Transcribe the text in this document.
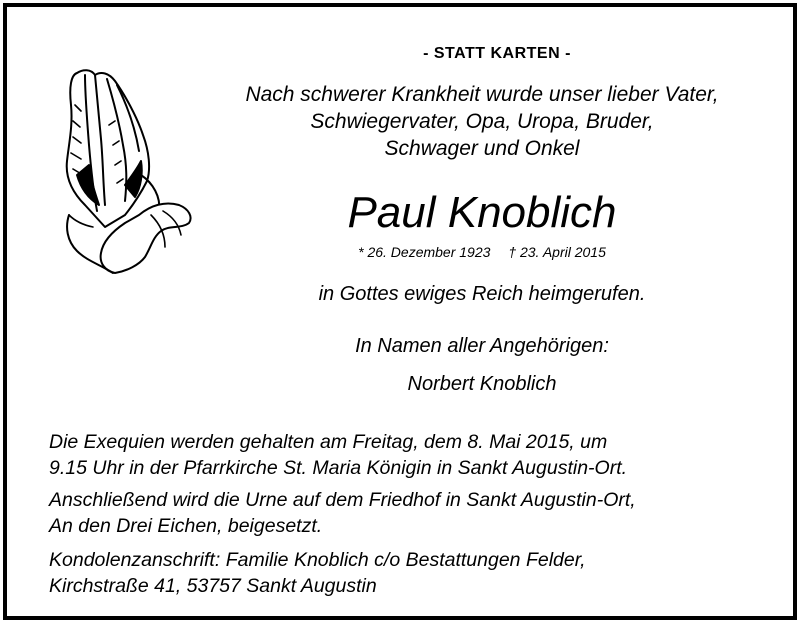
- STATT KARTEN -
Nach schwerer Krankheit wurde unser lieber Vater,
Schwiegervater, Opa, Uropa, Bruder,
Schwager und Onkel
Paul Knoblich
* 26. Dezember 1923 † 23. April 2015
in Gottes ewiges Reich heimgerufen.
In Namen aller Angehörigen:
Norbert Knoblich
Die Exequien werden gehalten am Freitag, dem 8. Mai 2015, um
9.15 Uhr in der Pfarrkirche St. Maria Königin in Sankt Augustin-Ort.
Anschließend wird die Urne auf dem Friedhof in Sankt Augustin-Ort,
An den Drei Eichen, beigesetzt.
Kondolenzanschrift: Familie Knoblich c/o Bestattungen Felder,
Kirchstraße 41, 53757 Sankt Augustin
